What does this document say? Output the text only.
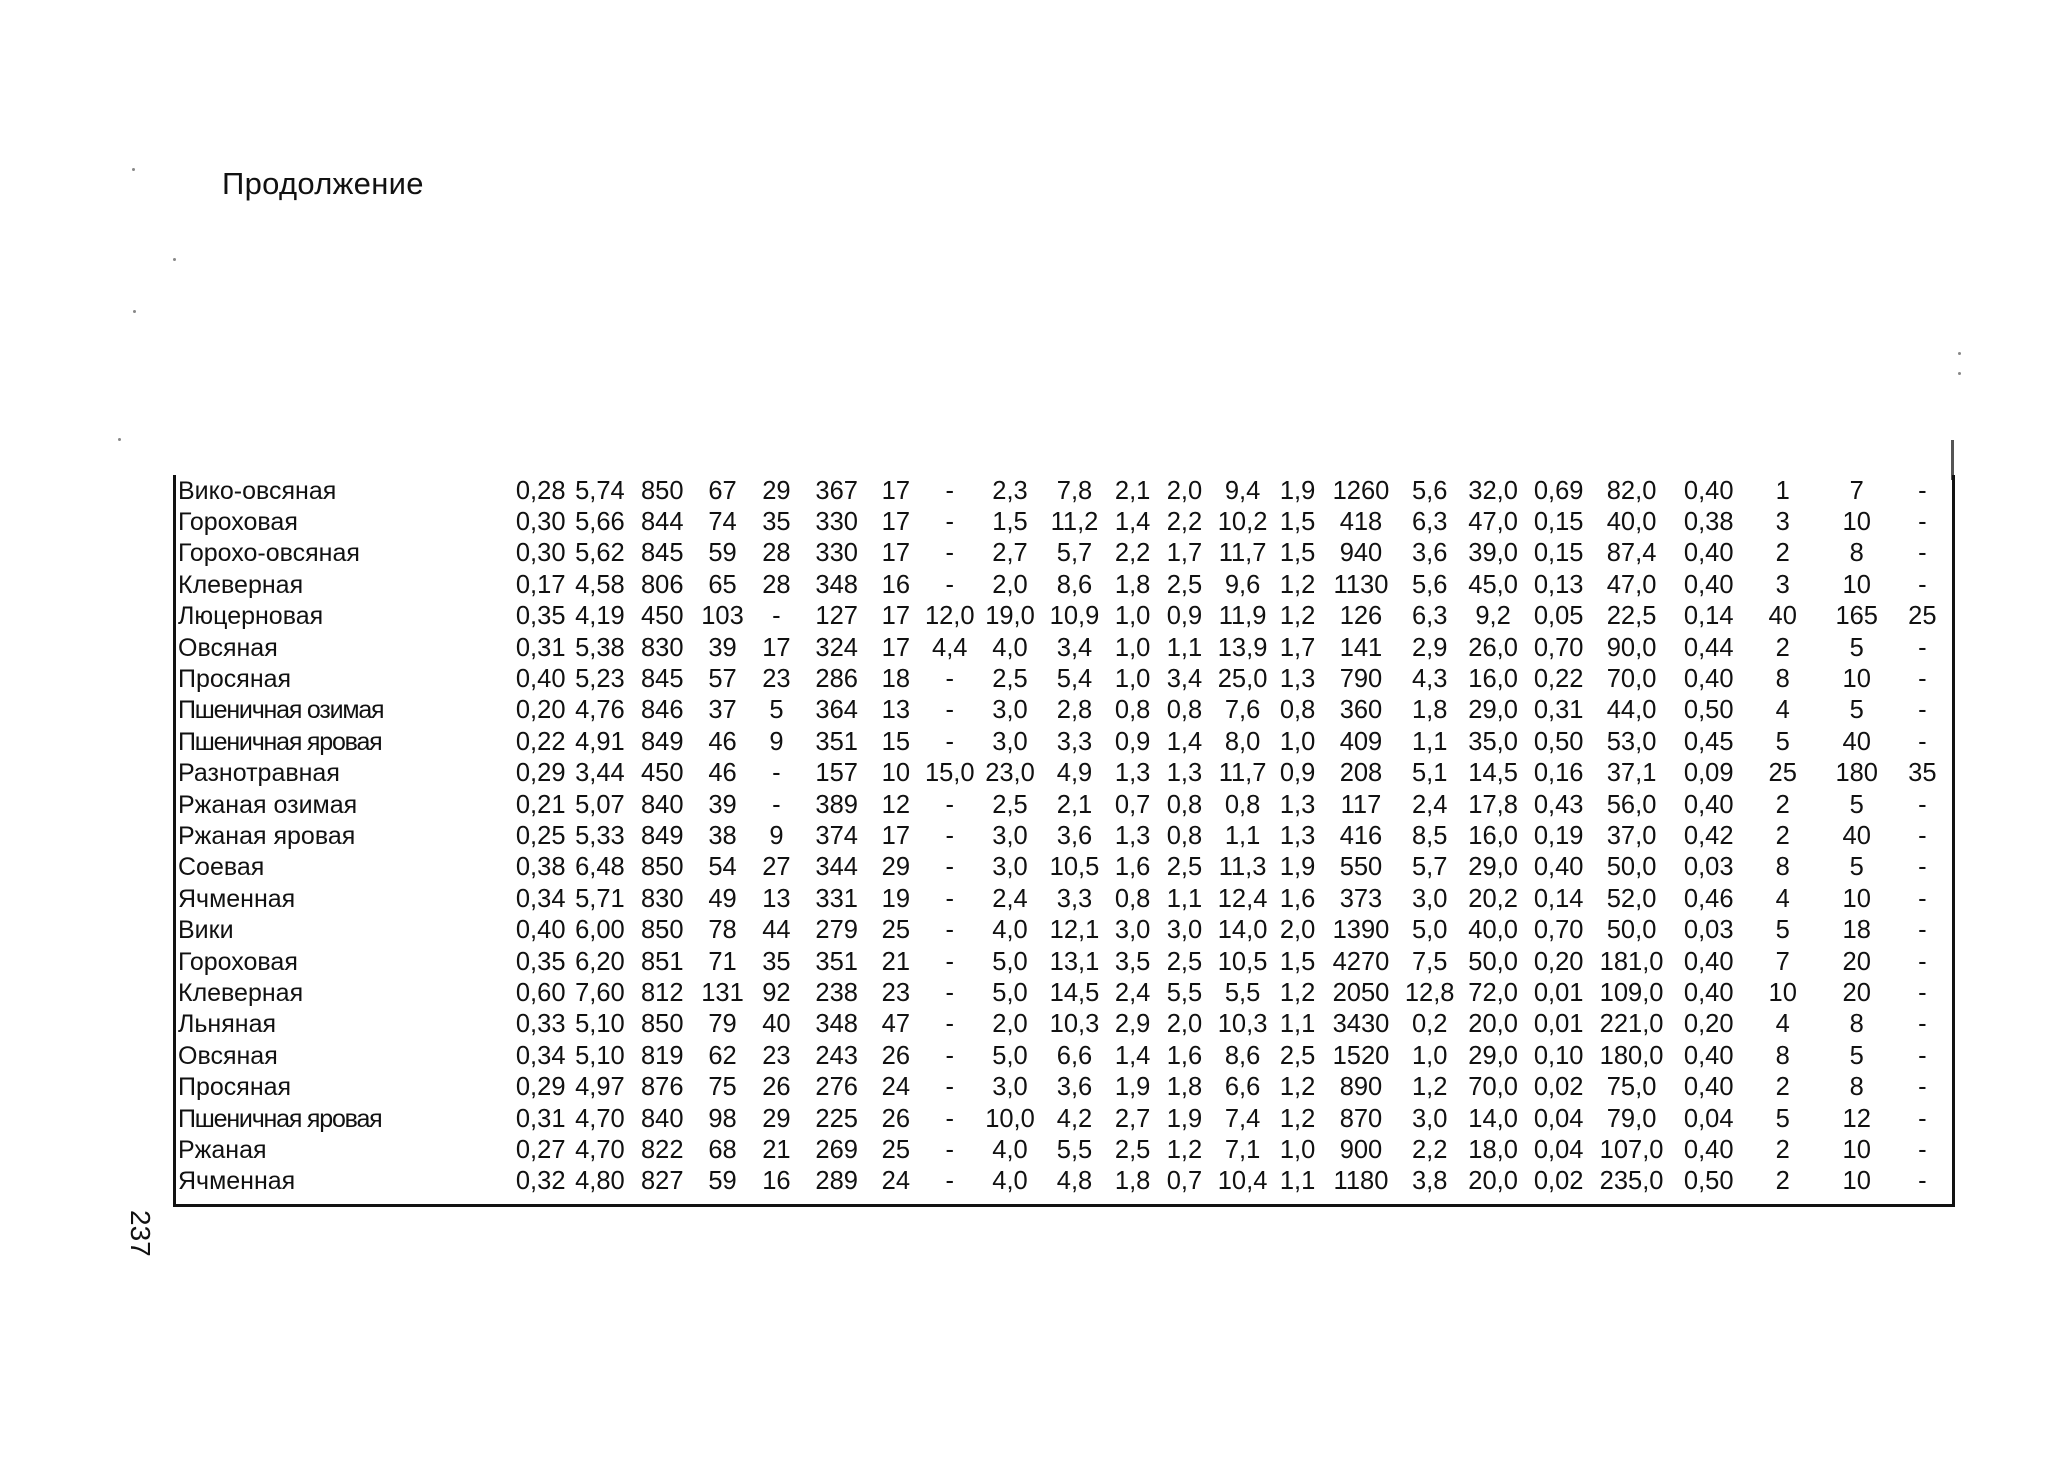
Продолжение
237
Вико-овсяная	0,28	5,74	850	67	29	367	17	-	2,3	7,8	2,1	2,0	9,4	1,9	1260	5,6	32,0	0,69	82,0	0,40	1	7	-
Гороховая	0,30	5,66	844	74	35	330	17	-	1,5	11,2	1,4	2,2	10,2	1,5	418	6,3	47,0	0,15	40,0	0,38	3	10	-
Горохо-овсяная	0,30	5,62	845	59	28	330	17	-	2,7	5,7	2,2	1,7	11,7	1,5	940	3,6	39,0	0,15	87,4	0,40	2	8	-
Клеверная	0,17	4,58	806	65	28	348	16	-	2,0	8,6	1,8	2,5	9,6	1,2	1130	5,6	45,0	0,13	47,0	0,40	3	10	-
Люцерновая	0,35	4,19	450	103	-	127	17	12,0	19,0	10,9	1,0	0,9	11,9	1,2	126	6,3	9,2	0,05	22,5	0,14	40	165	25
Овсяная	0,31	5,38	830	39	17	324	17	4,4	4,0	3,4	1,0	1,1	13,9	1,7	141	2,9	26,0	0,70	90,0	0,44	2	5	-
Просяная	0,40	5,23	845	57	23	286	18	-	2,5	5,4	1,0	3,4	25,0	1,3	790	4,3	16,0	0,22	70,0	0,40	8	10	-
Пшеничная озимая	0,20	4,76	846	37	5	364	13	-	3,0	2,8	0,8	0,8	7,6	0,8	360	1,8	29,0	0,31	44,0	0,50	4	5	-
Пшеничная яровая	0,22	4,91	849	46	9	351	15	-	3,0	3,3	0,9	1,4	8,0	1,0	409	1,1	35,0	0,50	53,0	0,45	5	40	-
Разнотравная	0,29	3,44	450	46	-	157	10	15,0	23,0	4,9	1,3	1,3	11,7	0,9	208	5,1	14,5	0,16	37,1	0,09	25	180	35
Ржаная озимая	0,21	5,07	840	39	-	389	12	-	2,5	2,1	0,7	0,8	0,8	1,3	117	2,4	17,8	0,43	56,0	0,40	2	5	-
Ржаная яровая	0,25	5,33	849	38	9	374	17	-	3,0	3,6	1,3	0,8	1,1	1,3	416	8,5	16,0	0,19	37,0	0,42	2	40	-
Соевая	0,38	6,48	850	54	27	344	29	-	3,0	10,5	1,6	2,5	11,3	1,9	550	5,7	29,0	0,40	50,0	0,03	8	5	-
Ячменная	0,34	5,71	830	49	13	331	19	-	2,4	3,3	0,8	1,1	12,4	1,6	373	3,0	20,2	0,14	52,0	0,46	4	10	-
Вики	0,40	6,00	850	78	44	279	25	-	4,0	12,1	3,0	3,0	14,0	2,0	1390	5,0	40,0	0,70	50,0	0,03	5	18	-
Гороховая	0,35	6,20	851	71	35	351	21	-	5,0	13,1	3,5	2,5	10,5	1,5	4270	7,5	50,0	0,20	181,0	0,40	7	20	-
Клеверная	0,60	7,60	812	131	92	238	23	-	5,0	14,5	2,4	5,5	5,5	1,2	2050	12,8	72,0	0,01	109,0	0,40	10	20	-
Льняная	0,33	5,10	850	79	40	348	47	-	2,0	10,3	2,9	2,0	10,3	1,1	3430	0,2	20,0	0,01	221,0	0,20	4	8	-
Овсяная	0,34	5,10	819	62	23	243	26	-	5,0	6,6	1,4	1,6	8,6	2,5	1520	1,0	29,0	0,10	180,0	0,40	8	5	-
Просяная	0,29	4,97	876	75	26	276	24	-	3,0	3,6	1,9	1,8	6,6	1,2	890	1,2	70,0	0,02	75,0	0,40	2	8	-
Пшеничная яровая	0,31	4,70	840	98	29	225	26	-	10,0	4,2	2,7	1,9	7,4	1,2	870	3,0	14,0	0,04	79,0	0,04	5	12	-
Ржаная	0,27	4,70	822	68	21	269	25	-	4,0	5,5	2,5	1,2	7,1	1,0	900	2,2	18,0	0,04	107,0	0,40	2	10	-
Ячменная	0,32	4,80	827	59	16	289	24	-	4,0	4,8	1,8	0,7	10,4	1,1	1180	3,8	20,0	0,02	235,0	0,50	2	10	-
